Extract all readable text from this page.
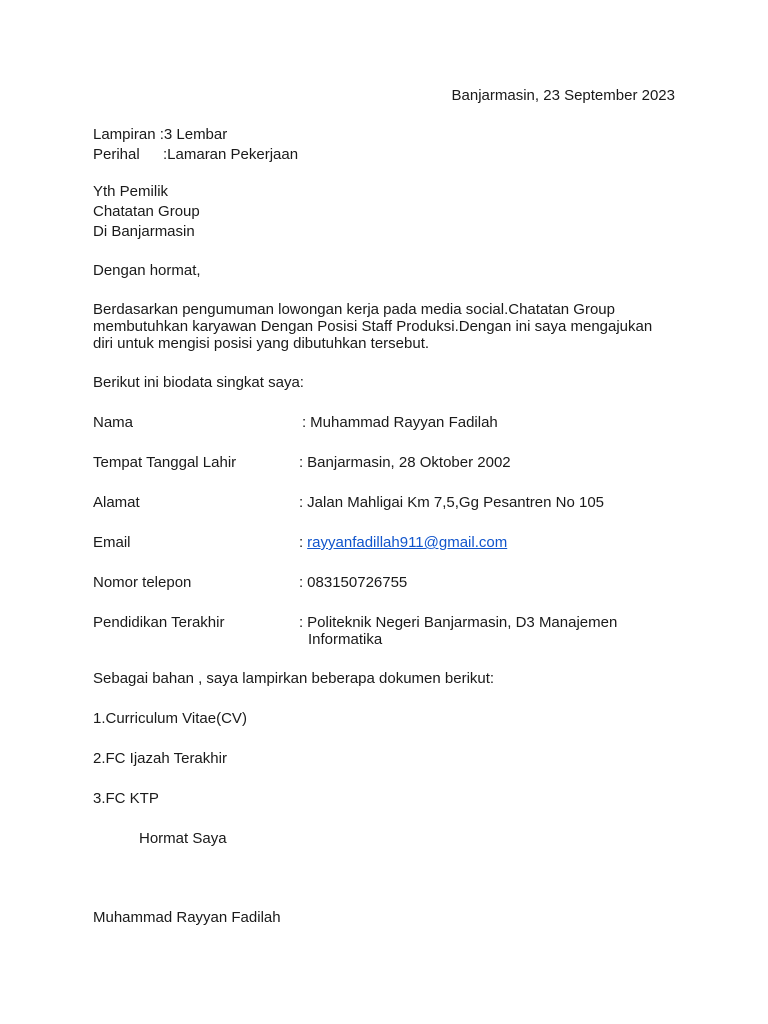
Banjarmasin, 23 September 2023
Lampiran :3 Lembar
Perihal :Lamaran Pekerjaan
Yth Pemilik
Chatatan Group
Di Banjarmasin
Dengan hormat,
Berdasarkan pengumuman lowongan kerja pada media social.Chatatan Group
membutuhkan karyawan Dengan Posisi Staff Produksi.Dengan ini saya mengajukan
diri untuk mengisi posisi yang dibutuhkan tersebut.
Berikut ini biodata singkat saya:
Nama	: Muhammad Rayyan Fadilah
Tempat Tanggal Lahir	: Banjarmasin, 28 Oktober 2002
Alamat	: Jalan Mahligai Km 7,5,Gg Pesantren No 105
Email	: rayyanfadillah911@gmail.com
Nomor telepon	: 083150726755
Pendidikan Terakhir	: Politeknik Negeri Banjarmasin, D3 Manajemen
Informatika
Sebagai bahan , saya lampirkan beberapa dokumen berikut:
1.Curriculum Vitae(CV)
2.FC Ijazah Terakhir
3.FC KTP
Hormat Saya
Muhammad Rayyan Fadilah
